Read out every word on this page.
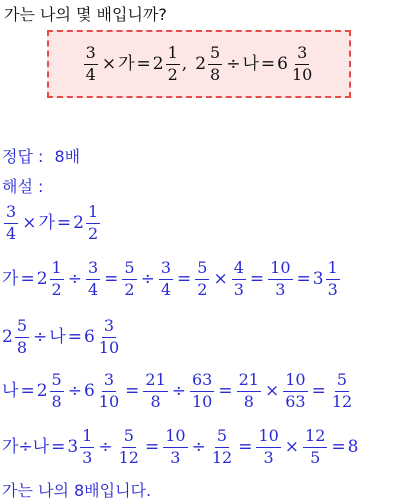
가는 나의 몇 배입니까?
$\frac{3}{4}$ × 가 = $2 \frac{1}{2}$ , $2 \frac{5}{8}$ ÷ 나 = $6 \frac{3}{10}$
정답 : 8배
해설 :
$\frac{3}{4}$ × 가 = $2 \frac{1}{2}$
가 = $2 \frac{1}{2} \div \frac{3}{4} = \frac{5}{2} \div \frac{3}{4} = \frac{5}{2} \times \frac{4}{3} = \frac{10}{3} = 3 \frac{1}{3}$
$2 \frac{5}{8}$ ÷ 나 = $6 \frac{3}{10}$
나 = $2 \frac{5}{8} \div 6 \frac{3}{10} = \frac{21}{8} \div \frac{63}{10} = \frac{21}{8} \times \frac{10}{63} = \frac{5}{12}$
가÷나 = $3 \frac{1}{3} \div \frac{5}{12} = \frac{10}{3} \div \frac{5}{12} = \frac{10}{3} \times \frac{12}{5} = 8$
가는 나의 8배입니다.
